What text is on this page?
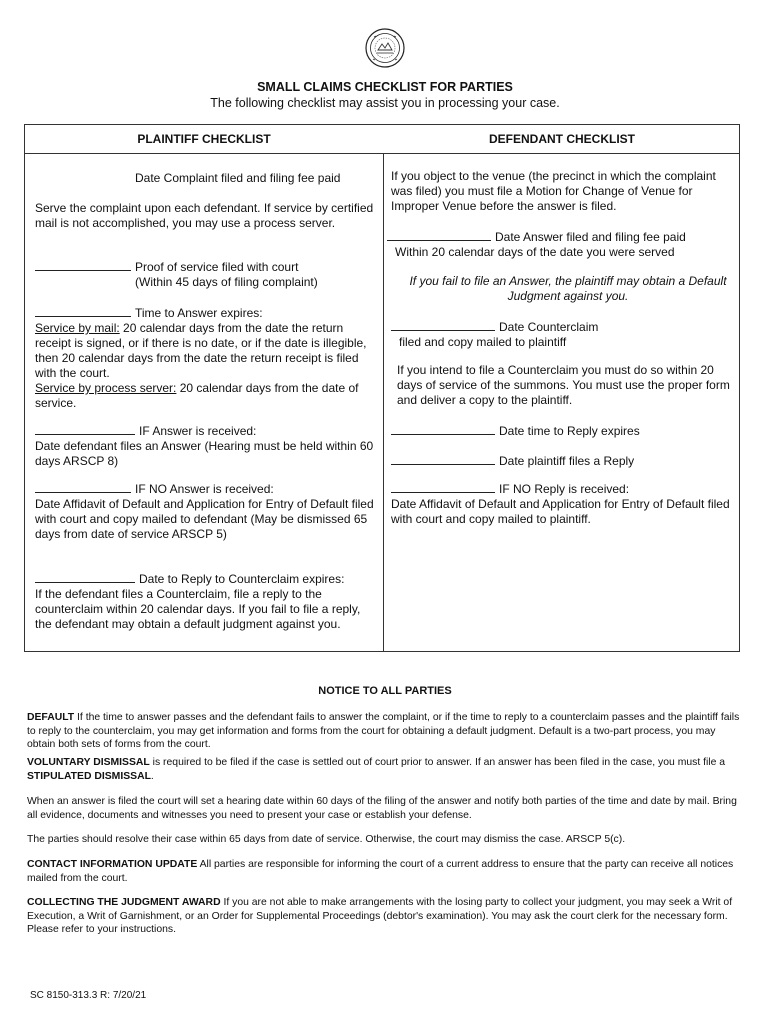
SMALL CLAIMS CHECKLIST FOR PARTIES
The following checklist may assist you in processing your case.
PLAINTIFF CHECKLIST	DEFENDANT CHECKLIST
Date Complaint filed and filing fee paid
Serve the complaint upon each defendant. If service by certified mail is not accomplished, you may use a process server.
Proof of service filed with court
(Within 45 days of filing complaint)
Time to Answer expires:
Service by mail: 20 calendar days from the date the return receipt is signed, or if there is no date, or if the date is illegible, then 20 calendar days from the date the return receipt is filed with the court.
Service by process server: 20 calendar days from the date of service.
IF Answer is received:
Date defendant files an Answer (Hearing must be held within 60 days ARSCP 8)
IF NO Answer is received:
Date Affidavit of Default and Application for Entry of Default filed with court and copy mailed to defendant (May be dismissed 65 days from date of service ARSCP 5)
Date to Reply to Counterclaim expires:
If the defendant files a Counterclaim, file a reply to the counterclaim within 20 calendar days. If you fail to file a reply, the defendant may obtain a default judgment against you.
If you object to the venue (the precinct in which the complaint was filed) you must file a Motion for Change of Venue for Improper Venue before the answer is filed.
Date Answer filed and filing fee paid
Within 20 calendar days of the date you were served
If you fail to file an Answer, the plaintiff may obtain a Default Judgment against you.
Date Counterclaim
filed and copy mailed to plaintiff
If you intend to file a Counterclaim you must do so within 20 days of service of the summons. You must use the proper form and deliver a copy to the plaintiff.
Date time to Reply expires
Date plaintiff files a Reply
IF NO Reply is received:
Date Affidavit of Default and Application for Entry of Default filed with court and copy mailed to plaintiff.
NOTICE TO ALL PARTIES
DEFAULT If the time to answer passes and the defendant fails to answer the complaint, or if the time to reply to a counterclaim passes and the plaintiff fails to reply to the counterclaim, you may get information and forms from the court for obtaining a default judgment. Default is a two-part process, you may obtain both sets of forms from the court.
VOLUNTARY DISMISSAL is required to be filed if the case is settled out of court prior to answer. If an answer has been filed in the case, you must file a STIPULATED DISMISSAL.
When an answer is filed the court will set a hearing date within 60 days of the filing of the answer and notify both parties of the time and date by mail. Bring all evidence, documents and witnesses you need to present your case or establish your defense.
The parties should resolve their case within 65 days from date of service. Otherwise, the court may dismiss the case. ARSCP 5(c).
CONTACT INFORMATION UPDATE All parties are responsible for informing the court of a current address to ensure that the party can receive all notices mailed from the court.
COLLECTING THE JUDGMENT AWARD If you are not able to make arrangements with the losing party to collect your judgment, you may seek a Writ of Execution, a Writ of Garnishment, or an Order for Supplemental Proceedings (debtor's examination). You may ask the court clerk for the necessary form. Please refer to your instructions.
SC 8150-313.3 R: 7/20/21
